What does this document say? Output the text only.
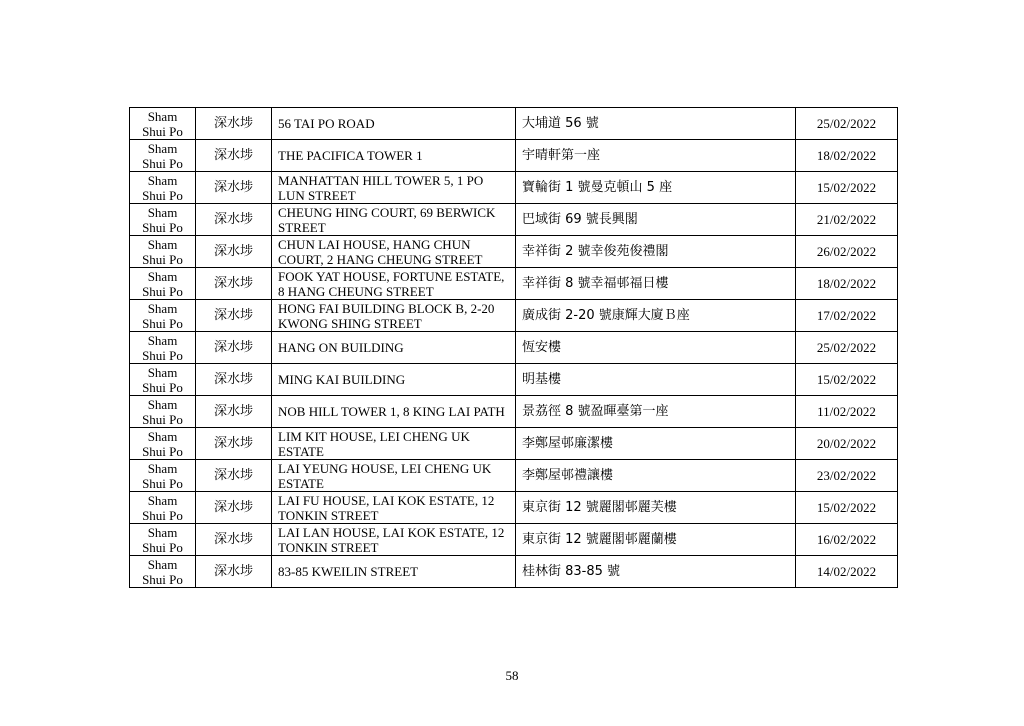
Sham Shui Po	深水埗	56 TAI PO ROAD	大埔道 56 號	25/02/2022
Sham Shui Po	深水埗	THE PACIFICA TOWER 1	宇晴軒第一座	18/02/2022
Sham Shui Po	深水埗	MANHATTAN HILL TOWER 5, 1 PO LUN STREET	寶輪街 1 號曼克頓山 5 座	15/02/2022
Sham Shui Po	深水埗	CHEUNG HING COURT, 69 BERWICK STREET	巴域街 69 號長興閣	21/02/2022
Sham Shui Po	深水埗	CHUN LAI HOUSE, HANG CHUN COURT, 2 HANG CHEUNG STREET	幸祥街 2 號幸俊苑俊禮閣	26/02/2022
Sham Shui Po	深水埗	FOOK YAT HOUSE, FORTUNE ESTATE, 8 HANG CHEUNG STREET	幸祥街 8 號幸福邨福日樓	18/02/2022
Sham Shui Po	深水埗	HONG FAI BUILDING BLOCK B, 2-20 KWONG SHING STREET	廣成街 2-20 號康輝大廈Ｂ座	17/02/2022
Sham Shui Po	深水埗	HANG ON BUILDING	恆安樓	25/02/2022
Sham Shui Po	深水埗	MING KAI BUILDING	明基樓	15/02/2022
Sham Shui Po	深水埗	NOB HILL TOWER 1, 8 KING LAI PATH	景荔徑 8 號盈暉臺第一座	11/02/2022
Sham Shui Po	深水埗	LIM KIT HOUSE, LEI CHENG UK ESTATE	李鄭屋邨廉潔樓	20/02/2022
Sham Shui Po	深水埗	LAI YEUNG HOUSE, LEI CHENG UK ESTATE	李鄭屋邨禮讓樓	23/02/2022
Sham Shui Po	深水埗	LAI FU HOUSE, LAI KOK ESTATE, 12 TONKIN STREET	東京街 12 號麗閣邨麗芙樓	15/02/2022
Sham Shui Po	深水埗	LAI LAN HOUSE, LAI KOK ESTATE, 12 TONKIN STREET	東京街 12 號麗閣邨麗蘭樓	16/02/2022
Sham Shui Po	深水埗	83-85 KWEILIN STREET	桂林街 83-85 號	14/02/2022
58
